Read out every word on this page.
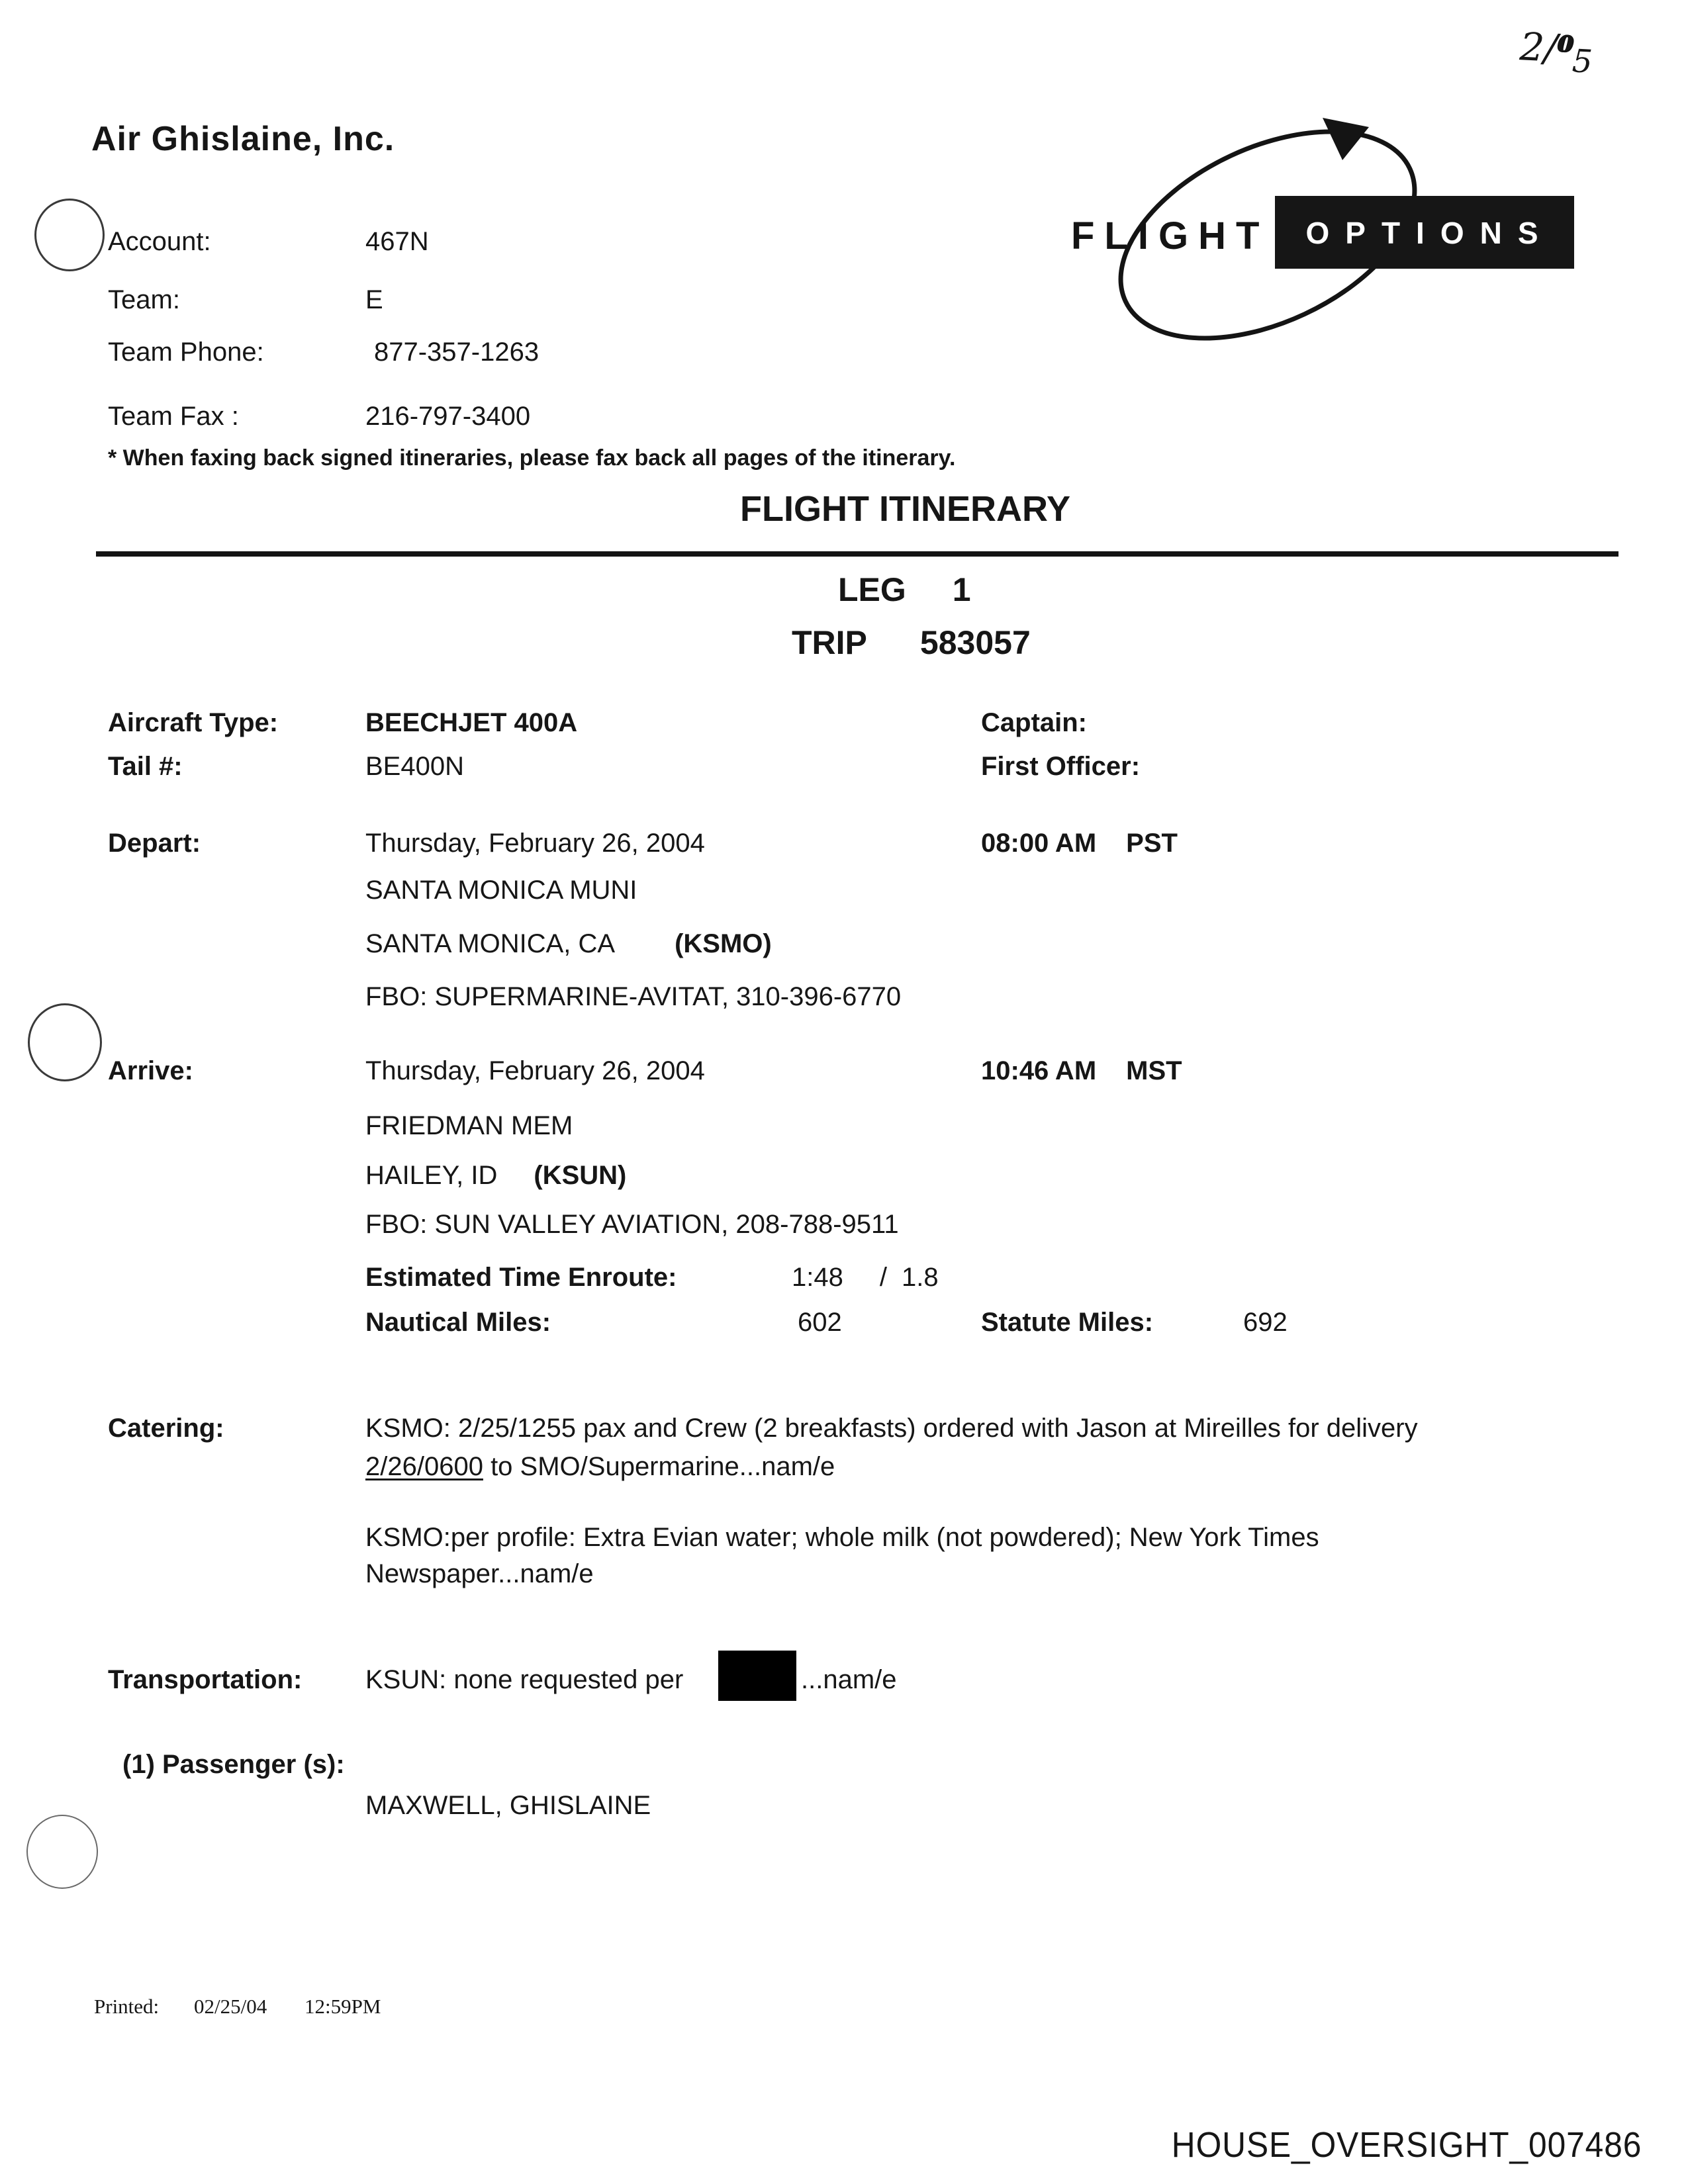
2/05
Air Ghislaine, Inc.
FLIGHT OPTIONS
Account:	467N
Team:	E
Team Phone:	877-357-1263
Team Fax :	216-797-3400
* When faxing back signed itineraries, please fax back all pages of the itinerary.
FLIGHT ITINERARY
LEG 1
TRIP 583057
Aircraft Type:	BEECHJET 400A	Captain:
Tail #:	BE400N	First Officer:
Depart:	Thursday, February 26, 2004	08:00 AM PST
SANTA MONICA MUNI
SANTA MONICA, CA (KSMO)
FBO: SUPERMARINE-AVITAT, 310-396-6770
Arrive:	Thursday, February 26, 2004	10:46 AM MST
FRIEDMAN MEM
HAILEY, ID (KSUN)
FBO: SUN VALLEY AVIATION, 208-788-9511
Estimated Time Enroute:	1:48 / 1.8
Nautical Miles:	602	Statute Miles:	692
Catering:	KSMO: 2/25/1255 pax and Crew (2 breakfasts) ordered with Jason at Mireilles for delivery
2/26/0600 to SMO/Supermarine...nam/e
KSMO:per profile: Extra Evian water; whole milk (not powdered); New York Times
Newspaper...nam/e
Transportation: KSUN: none requested per	...nam/e
(1) Passenger (s):
MAXWELL, GHISLAINE
Printed: 02/25/04 12:59PM
HOUSE_OVERSIGHT_007486
